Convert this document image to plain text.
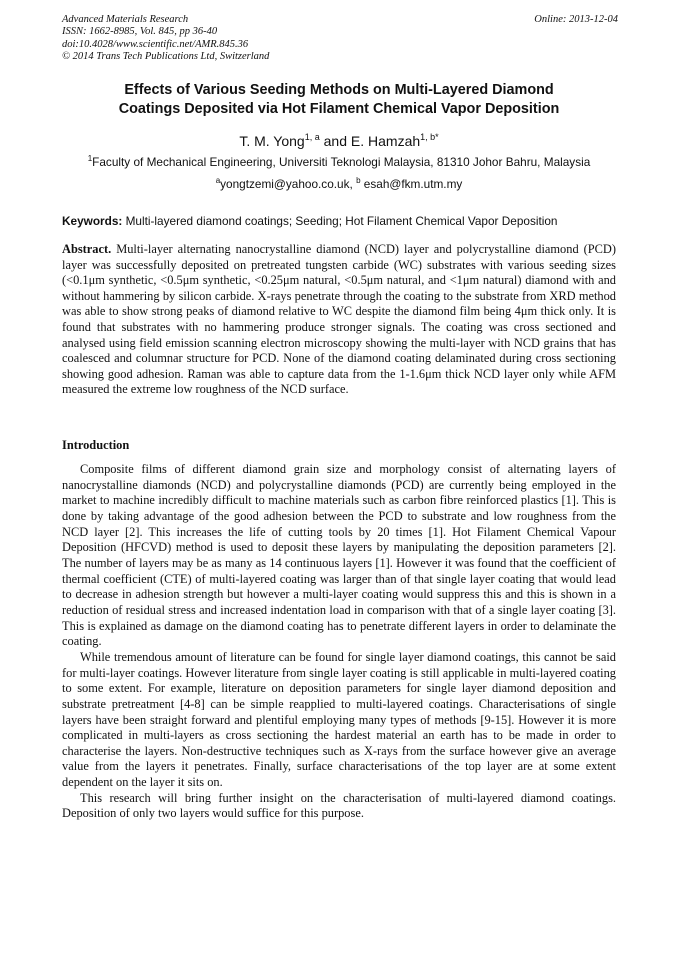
Advanced Materials Research
ISSN: 1662-8985, Vol. 845, pp 36-40
doi:10.4028/www.scientific.net/AMR.845.36
© 2014 Trans Tech Publications Ltd, Switzerland
Online: 2013-12-04
Effects of Various Seeding Methods on Multi-Layered Diamond
Coatings Deposited via Hot Filament Chemical Vapor Deposition
T. M. Yong$^{1, a}$ and E. Hamzah$^{1, b*}$
$^1$Faculty of Mechanical Engineering, Universiti Teknologi Malaysia, 81310 Johor Bahru, Malaysia
$^a$yongtzemi@yahoo.co.uk, $^b$ esah@fkm.utm.my
Keywords: Multi-layered diamond coatings; Seeding; Hot Filament Chemical Vapor Deposition
Abstract. Multi-layer alternating nanocrystalline diamond (NCD) layer and polycrystalline diamond (PCD) layer was successfully deposited on pretreated tungsten carbide (WC) substrates with various seeding sizes (<0.1μm synthetic, <0.5μm synthetic, <0.25μm natural, <0.5μm natural, and <1μm natural) diamond with and without hammering by silicon carbide. X-rays penetrate through the coating to the substrate from XRD method was able to show strong peaks of diamond relative to WC despite the diamond film being 4μm thick only. It is found that substrates with no hammering produce stronger signals. The coating was cross sectioned and analysed using field emission scanning electron microscopy showing the multi-layer with NCD grains that has coalesced and columnar structure for PCD. None of the diamond coating delaminated during cross sectioning showing good adhesion. Raman was able to capture data from the 1-1.6μm thick NCD layer only while AFM measured the extreme low roughness of the NCD surface.
Introduction

Composite films of different diamond grain size and morphology consist of alternating layers of nanocrystalline diamonds (NCD) and polycrystalline diamonds (PCD) are currently being employed in the market to machine incredibly difficult to machine materials such as carbon fibre reinforced plastics [1]. This is done by taking advantage of the good adhesion between the PCD to substrate and low roughness from the NCD layer [2]. This increases the life of cutting tools by 20 times [1]. Hot Filament Chemical Vapour Deposition (HFCVD) method is used to deposit these layers by manipulating the deposition parameters [2]. The number of layers may be as many as 14 continuous layers [1]. However it was found that the coefficient of thermal coefficient (CTE) of multi-layered coating was larger than of that single layer coating that would lead to decrease in adhesion strength but however a multi-layer coating would suppress this and this is shown in a reduction of residual stress and increased indentation load in comparison with that of a single layer coating [3]. This is explained as damage on the diamond coating has to penetrate different layers in order to delaminate the coating.

While tremendous amount of literature can be found for single layer diamond coatings, this cannot be said for multi-layer coatings. However literature from single layer coating is still applicable in multi-layered coating to some extent. For example, literature on deposition parameters for single layer diamond deposition and substrate pretreatment [4-8] can be simple reapplied to multi-layered coatings. Characterisations of single layers have been straight forward and plentiful employing many types of methods [9-15]. However it is more complicated in multi-layers as cross sectioning the hardest material an earth has to be made in order to characterise the layers. Non-destructive techniques such as X-rays from the surface however give an average value from the layers it penetrates. Finally, surface characterisations of the top layer are at some extent dependent on the layer it sits on.

This research will bring further insight on the characterisation of multi-layered diamond coatings. Deposition of only two layers would suffice for this purpose.
